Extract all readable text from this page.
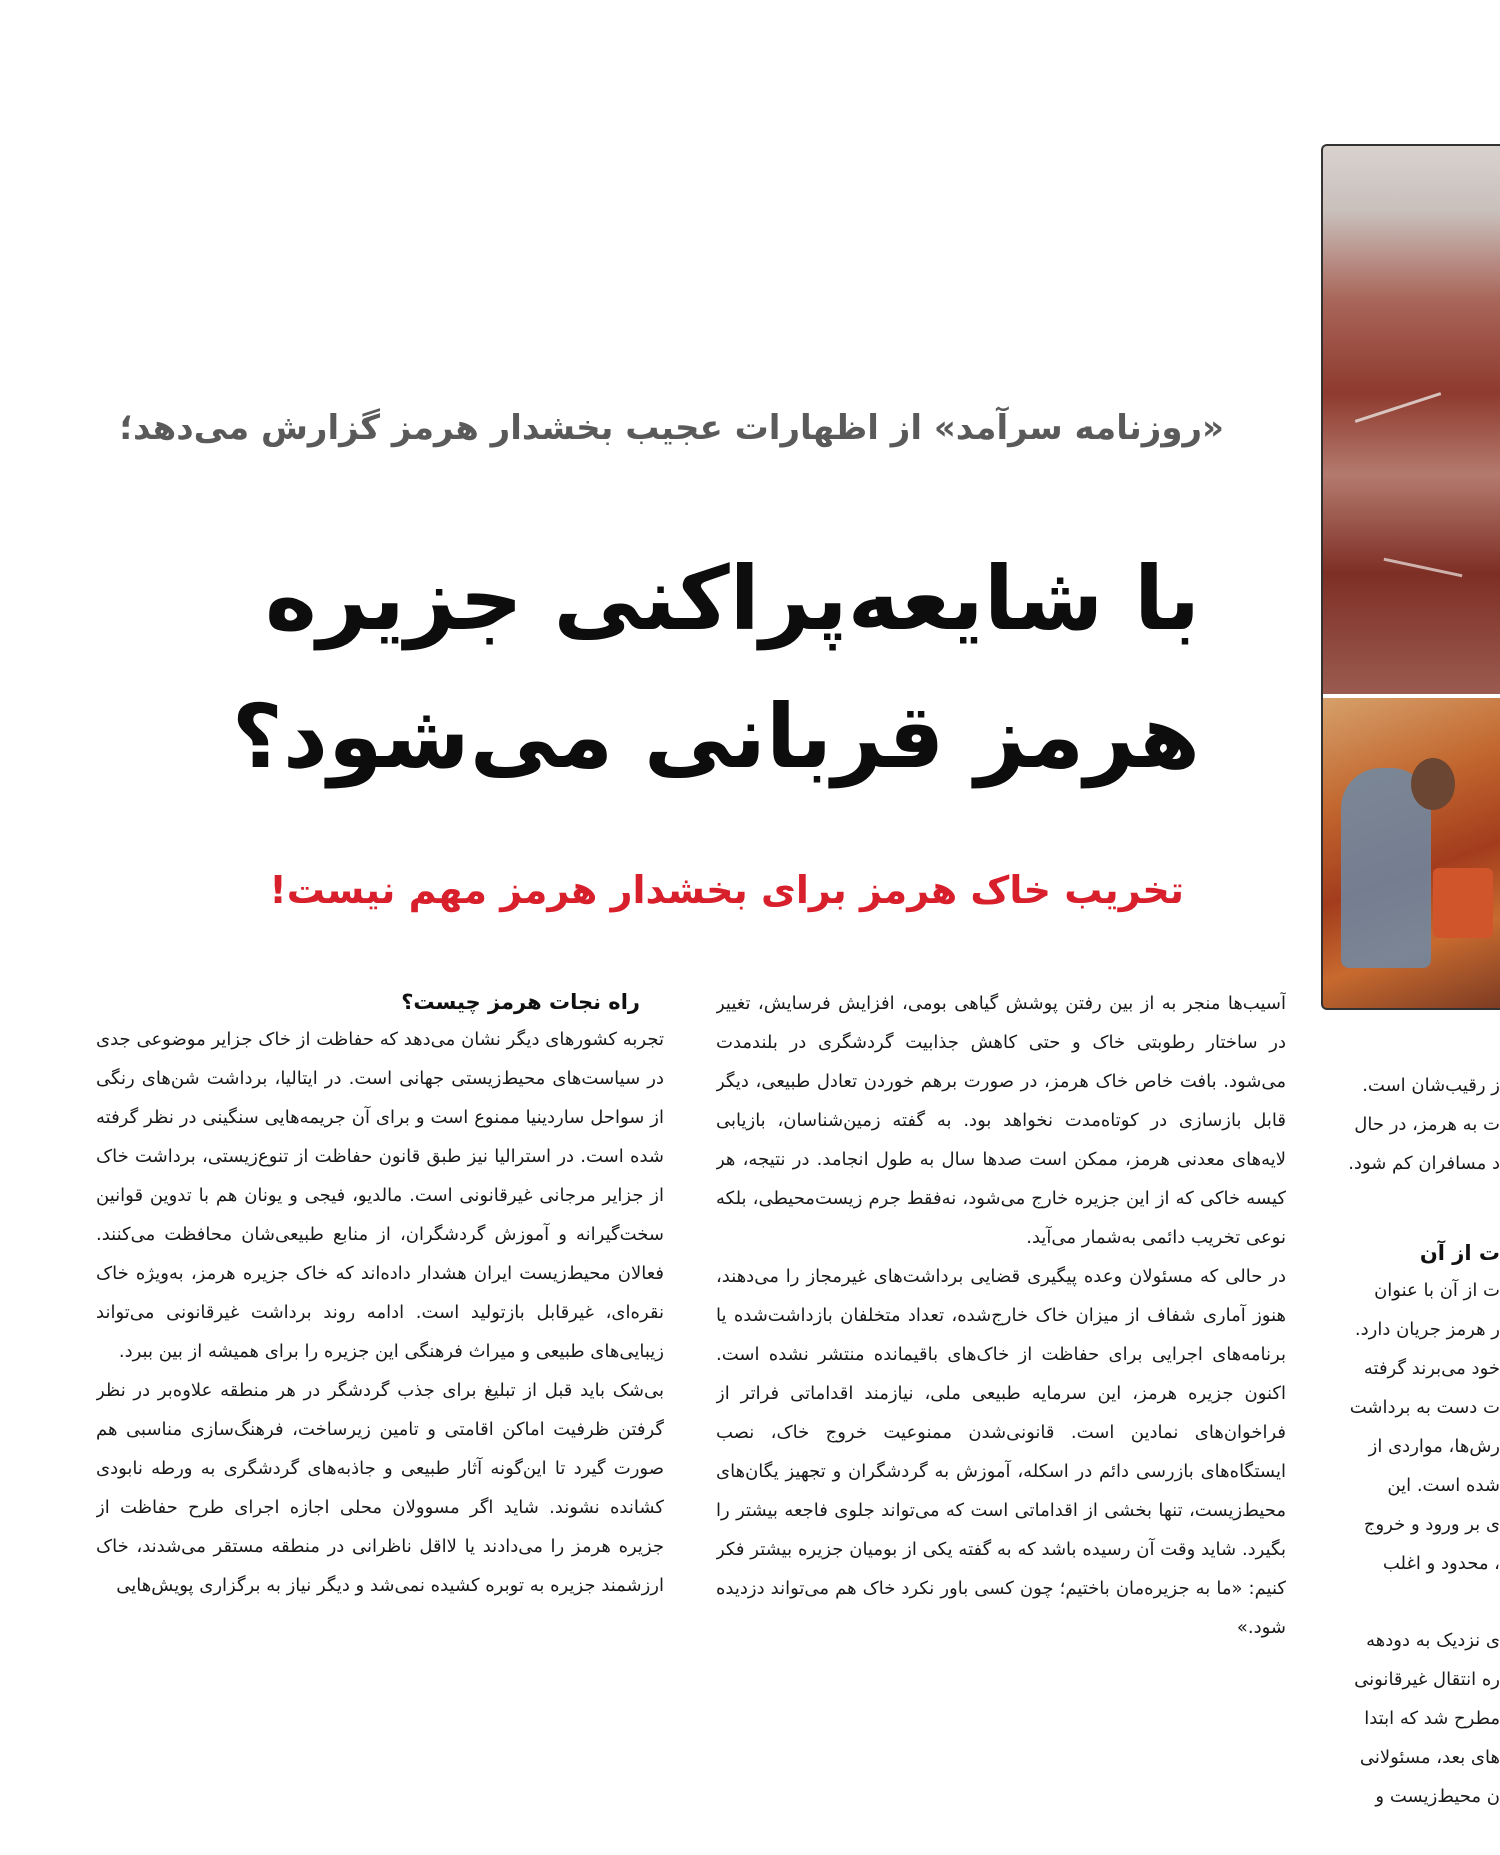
«روزنامه سرآمد» از اظهارات عجیب بخشدار هرمز گزارش می‌دهد؛
با شایعه‌پراکنی جزیره
هرمز قربانی می‌شود؟
تخریب خاک هرمز برای بخشدار هرمز مهم نیست!

آسیب‌ها منجر به از بین رفتن پوشش گیاهی بومی، افزایش فرسایش، تغییر در ساختار رطوبتی خاک و حتی کاهش جذابیت گردشگری در بلندمدت می‌شود. بافت خاص خاک هرمز، در صورت برهم خوردن تعادل طبیعی، دیگر قابل بازسازی در کوتاه‌مدت نخواهد بود. به گفته زمین‌شناسان، بازیابی لایه‌های معدنی هرمز، ممکن است صدها سال به طول انجامد. در نتیجه، هر کیسه خاکی که از این جزیره خارج می‌شود، نه‌فقط جرم زیست‌محیطی، بلکه نوعی تخریب دائمی به‌شمار می‌آید.

در حالی که مسئولان وعده پیگیری قضایی برداشت‌های غیرمجاز را می‌دهند، هنوز آماری شفاف از میزان خاک خارج‌شده، تعداد متخلفان بازداشت‌شده یا برنامه‌های اجرایی برای حفاظت از خاک‌های باقیمانده منتشر نشده است. اکنون جزیره هرمز، این سرمایه طبیعی ملی، نیازمند اقداماتی فراتر از فراخوان‌های نمادین است. قانونی‌شدن ممنوعیت خروج خاک، نصب ایستگاه‌های بازرسی دائم در اسکله، آموزش به گردشگران و تجهیز یگان‌های محیط‌زیست، تنها بخشی از اقداماتی است که می‌تواند جلوی فاجعه بیشتر را بگیرد. شاید وقت آن رسیده باشد که به گفته یکی از بومیان جزیره بیشتر فکر کنیم: «ما به جزیره‌مان باختیم؛ چون کسی باور نکرد خاک هم می‌تواند دزدیده شود.»

راه نجات هرمز چیست؟

تجربه کشورهای دیگر نشان می‌دهد که حفاظت از خاک جزایر موضوعی جدی در سیاست‌های محیط‌زیستی جهانی است. در ایتالیا، برداشت شن‌های رنگی از سواحل ساردینیا ممنوع است و برای آن جریمه‌هایی سنگینی در نظر گرفته شده است. در استرالیا نیز طبق قانون حفاظت از تنوع‌زیستی، برداشت خاک از جزایر مرجانی غیرقانونی است. مالدیو، فیجی و یونان هم با تدوین قوانین سخت‌گیرانه و آموزش گردشگران، از منابع طبیعی‌شان محافظت می‌کنند. فعالان محیط‌زیست ایران هشدار داده‌اند که خاک جزیره هرمز، به‌ویژه خاک نقره‌ای، غیرقابل بازتولید است. ادامه روند برداشت غیرقانونی می‌تواند زیبایی‌های طبیعی و میراث فرهنگی این جزیره را برای همیشه از بین ببرد.

بی‌شک باید قبل از تبلیغ برای جذب گردشگر در هر منطقه علاوه‌بر در نظر گرفتن ظرفیت اماکن اقامتی و تامین زیرساخت، فرهنگ‌سازی مناسبی هم صورت گیرد تا این‌گونه آثار طبیعی و جاذبه‌های گردشگری به ورطه نابودی کشانده نشوند. شاید اگر مسوولان محلی اجازه اجرای طرح حفاظت از جزیره هرمز را می‌دادند یا لااقل ناظرانی در منطقه مستقر می‌شدند، خاک ارزشمند جزیره به توبره کشیده نمی‌شد و دیگر نیاز به برگزاری پویش‌هایی

ز رقیب‌شان است.

ت به هرمز، در حال

د مسافران کم شود.

ت از آن

ت از آن با عنوان

ر هرمز جریان دارد.

خود می‌برند گرفته

ت دست به برداشت

رش‌ها، مواردی از

شده است. این

ی بر ورود و خروج

، محدود و اغلب

ی نزدیک به دودهه

ره انتقال غیرقانونی

مطرح شد که ابتدا

های بعد، مسئولانی

ن محیط‌زیست و
